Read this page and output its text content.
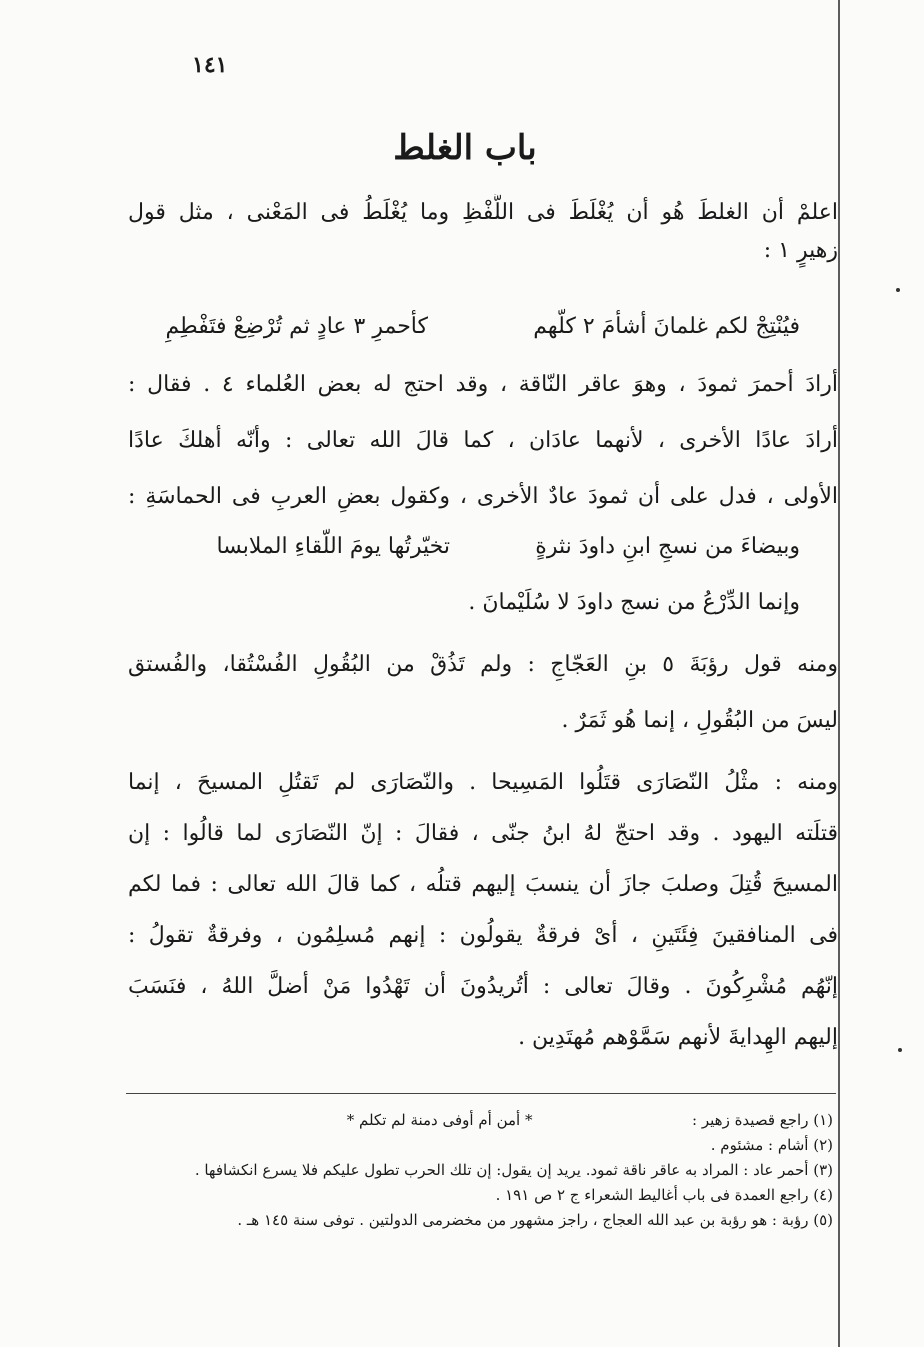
١٤١
باب الغلط
اعلمْ أن الغلطَ هُو أن يُغْلَطَ فى اللَّفْظِ وما يُغْلَطُ فى المَعْنى ، مثل قول
زهيرٍ ١ :
فيُنْتِجْ لكم غلمانَ أشأمَ ٢ كلّهم
كأحمرِ ٣ عادٍ ثم تُرْضِعْ فتَفْطِمِ
أرادَ أحمرَ ثمودَ ، وهوَ عاقر النّاقة ، وقد احتج له بعض العُلماء ٤ . فقال :
أرادَ عادًا الأخرى ، لأنهما عادَان ، كما قالَ الله تعالى : وأنّه أهلكَ عادًا
الأولى ، فدل على أن ثمودَ عادٌ الأخرى ، وكقول بعضِ العربِ فى الحماسَةِ :
وبيضاءَ من نسجِ ابنِ داودَ نثرةٍ
تخيّرتُها يومَ اللّقاءِ الملابسا
وإنما الدِّرْعُ من نسج داودَ لا سُلَيْمانَ .
ومنه قول رؤبَةَ ٥ بنِ العَجّاجِ : ولم تَذُقْ من البُقُولِ الفُسْتُقا، والفُستق
ليسَ من البُقُولِ ، إنما هُو ثَمَرٌ .
ومنه : مثْلُ النّصَارَى قتَلُوا المَسِيحا . والنّصَارَى لم تَقتُلِ المسيحَ ، إنما
قتلَته اليهود . وقد احتجّ لهُ ابنُ جنّى ، فقالَ : إنّ النّصَارَى لما قالُوا : إن
المسيحَ قُتِلَ وصلبَ جازَ أن ينسبَ إليهم قتلُه ، كما قالَ الله تعالى : فما لكم
فى المنافقينَ فِئَتَينِ ، أىْ فرقةٌ يقولُون : إنهم مُسلِمُون ، وفرقةٌ تقولُ :
إنّهُم مُشْرِكُونَ . وقالَ تعالى : أتُريدُونَ أن تَهْدُوا مَنْ أضلَّ اللهُ ، فنَسَبَ
إليهم الهِدايةَ لأنهم سَمَّوْهم مُهتَدِين .
(١) راجع قصيدة زهير :  * أمن أم أوفى دمنة لم تكلم *
(٢) أشام : مشئوم .
(٣) أحمر عاد : المراد به عاقر ناقة ثمود. يريد إن يقول: إن تلك الحرب تطول عليكم فلا يسرع انكشافها .
(٤) راجع العمدة فى باب أغاليط الشعراء ج ٢ ص ١٩١ .
(٥) رؤبة : هو رؤبة بن عبد الله العجاج ، راجز مشهور من مخضرمى الدولتين . توفى سنة ١٤٥ هـ .
